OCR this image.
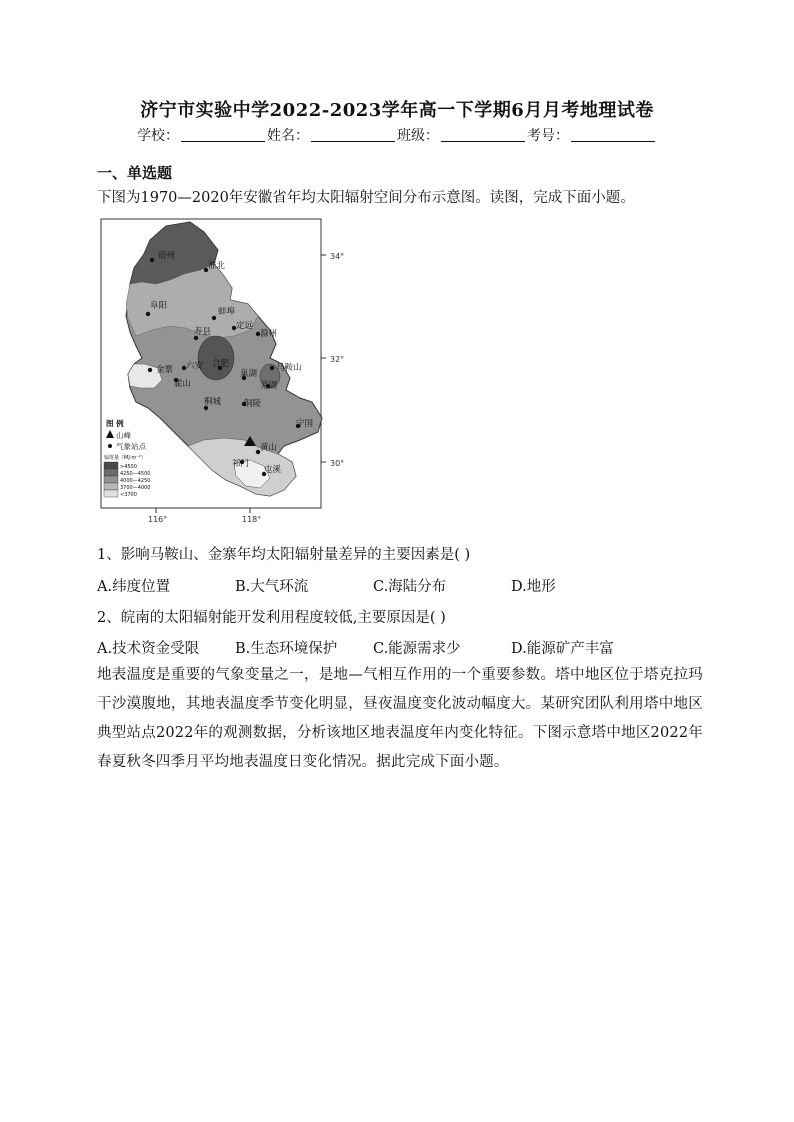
济宁市实验中学2022-2023学年高一下学期6月月考地理试卷
学校：	姓名：	班级：	考号：
一、单选题
下图为1970—2020年安徽省年均太阳辐射空间分布示意图。读图，完成下面小题。
34°
32°
30°
116°	118°
宿州
淮北
阜阳
蚌埠
定远
寿县	滁州
六安 合肥	马鞍山
金寨
霍山
巢湖
芜湖
桐城	铜陵
宁国
黄山
祁门
屯溪
图 例
山峰
气象站点
辐射量（MJ·m⁻²）
>4500
4250—4500
4000—4250
3700—4000
<3700
1、影响马鞍山、金寨年均太阳辐射量差异的主要因素是( )
A.纬度位置	B.大气环流	C.海陆分布	D.地形
2、皖南的太阳辐射能开发利用程度较低,主要原因是( )
A.技术资金受限 B.生态环境保护 C.能源需求少	D.能源矿产丰富
地表温度是重要的气象变量之一，是地—气相互作用的一个重要参数。塔中地区位于塔克拉玛干沙漠腹地，其地表温度季节变化明显，昼夜温度变化波动幅度大。某研究团队利用塔中地区典型站点2022年的观测数据，分析该地区地表温度年内变化特征。下图示意塔中地区2022年春夏秋冬四季月平均地表温度日变化情况。据此完成下面小题。
